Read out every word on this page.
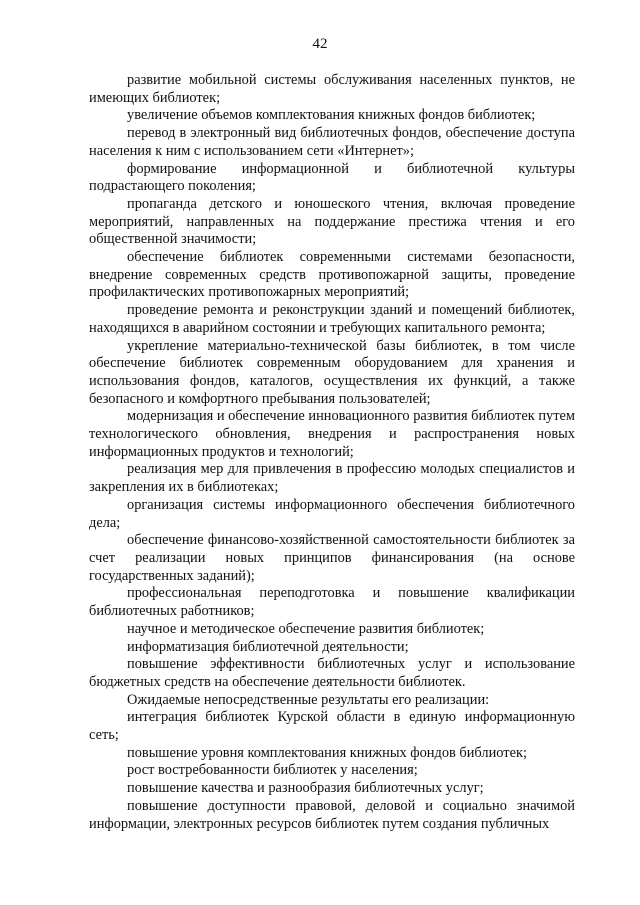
42

развитие мобильной системы обслуживания населенных пунктов, не имеющих библиотек;

увеличение объемов комплектования книжных фондов библиотек;

перевод в электронный вид библиотечных фондов, обеспечение доступа населения к ним с использованием сети «Интернет»;

формирование информационной и библиотечной культуры подрастающего поколения;

пропаганда детского и юношеского чтения, включая проведение мероприятий, направленных на поддержание престижа чтения и его общественной значимости;

обеспечение библиотек современными системами безопасности, внедрение современных средств противопожарной защиты, проведение профилактических противопожарных мероприятий;

проведение ремонта и реконструкции зданий и помещений библиотек, находящихся в аварийном состоянии и требующих капитального ремонта;

укрепление материально-технической базы библиотек, в том числе обеспечение библиотек современным оборудованием для хранения и использования фондов, каталогов, осуществления их функций, а также безопасного и комфортного пребывания пользователей;

модернизация и обеспечение инновационного развития библиотек путем технологического обновления, внедрения и распространения новых информационных продуктов и технологий;

реализация мер для привлечения в профессию молодых специалистов и закрепления их в библиотеках;

организация системы информационного обеспечения библиотечного дела;

обеспечение финансово-хозяйственной самостоятельности библиотек за счет реализации новых принципов финансирования (на основе государственных заданий);

профессиональная переподготовка и повышение квалификации библиотечных работников;

научное и методическое обеспечение развития библиотек;

информатизация библиотечной деятельности;

повышение эффективности библиотечных услуг и использование бюджетных средств на обеспечение деятельности библиотек.

Ожидаемые непосредственные результаты его реализации:

интеграция библиотек Курской области в единую информационную сеть;

повышение уровня комплектования книжных фондов библиотек;

рост востребованности библиотек у населения;

повышение качества и разнообразия библиотечных услуг;

повышение доступности правовой, деловой и социально значимой информации, электронных ресурсов библиотек путем создания публичных
